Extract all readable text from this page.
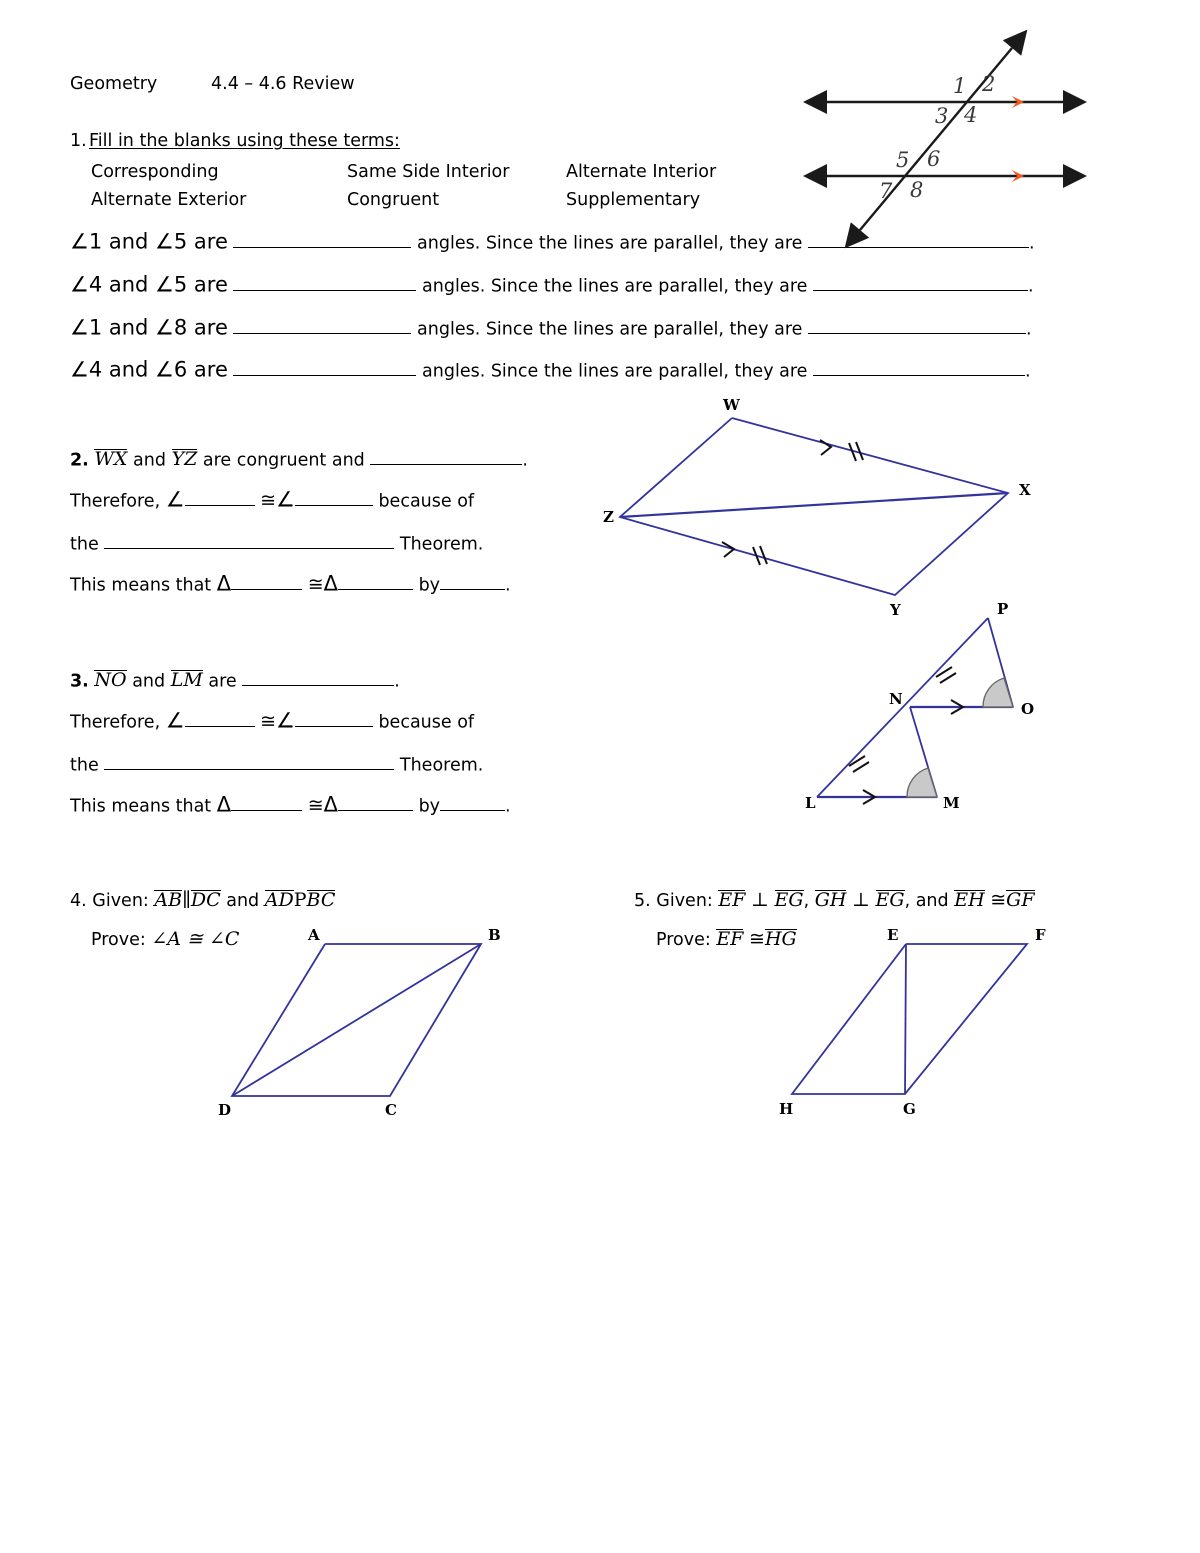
Geometry	4.4 – 4.6 Review
1. Fill in the blanks using these terms:
Corresponding	Same Side Interior	Alternate Interior
Alternate Exterior	Congruent	Supplementary
∠1 and ∠5 are	angles. Since the lines are parallel, they are	.
∠4 and ∠5 are	angles. Since the lines are parallel, they are	.
∠1 and ∠8 are	angles. Since the lines are parallel, they are	.
∠4 and ∠6 are	angles. Since the lines are parallel, they are	.
1 2
3 4
5 6
7 8
2. WX and YZ are congruent and	.
Therefore, ∠	≅∠	because of
the	Theorem.
This means that Δ	≅Δ	by	.
W
X
Y
Z
3. NO and LM are	.
Therefore, ∠	≅∠	because of
the	Theorem.
This means that Δ	≅Δ	by	.
P
N
O
L	M
4. Given: AB∥DC and ADPBC
Prove: ∠A ≅ ∠C	A	B
C
D
5. Given: EF ⊥ EG, GH ⊥ EG, and EH ≅GF
Prove: EF ≅HG	E	F
G
H
